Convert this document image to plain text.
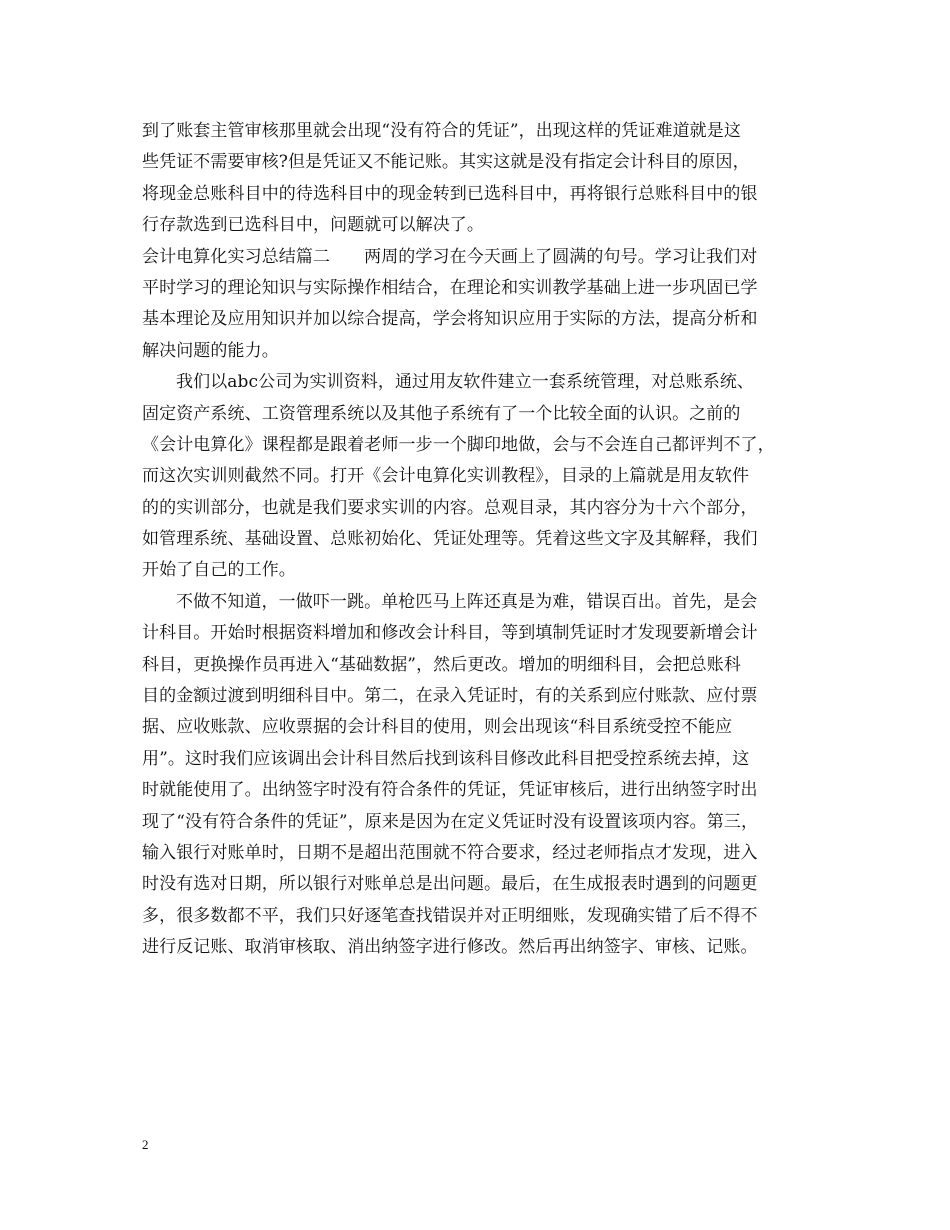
到了账套主管审核那里就会出现“没有符合的凭证”，出现这样的凭证难道就是这
些凭证不需要审核?但是凭证又不能记账。其实这就是没有指定会计科目的原因，
将现金总账科目中的待选科目中的现金转到已选科目中，再将银行总账科目中的银
行存款选到已选科目中，问题就可以解决了。
会计电算化实习总结篇二 两周的学习在今天画上了圆满的句号。学习让我们对
平时学习的理论知识与实际操作相结合，在理论和实训教学基础上进一步巩固已学
基本理论及应用知识并加以综合提高，学会将知识应用于实际的方法，提高分析和
解决问题的能力。
我们以abc公司为实训资料，通过用友软件建立一套系统管理，对总账系统、
固定资产系统、工资管理系统以及其他子系统有了一个比较全面的认识。之前的
《会计电算化》课程都是跟着老师一步一个脚印地做，会与不会连自己都评判不了，
而这次实训则截然不同。打开《会计电算化实训教程》，目录的上篇就是用友软件
的的实训部分，也就是我们要求实训的内容。总观目录，其内容分为十六个部分，
如管理系统、基础设置、总账初始化、凭证处理等。凭着这些文字及其解释，我们
开始了自己的工作。
不做不知道，一做吓一跳。单枪匹马上阵还真是为难，错误百出。首先，是会
计科目。开始时根据资料增加和修改会计科目，等到填制凭证时才发现要新增会计
科目，更换操作员再进入“基础数据”，然后更改。增加的明细科目，会把总账科
目的金额过渡到明细科目中。第二，在录入凭证时，有的关系到应付账款、应付票
据、应收账款、应收票据的会计科目的使用，则会出现该“科目系统受控不能应
用”。这时我们应该调出会计科目然后找到该科目修改此科目把受控系统去掉，这
时就能使用了。出纳签字时没有符合条件的凭证，凭证审核后，进行出纳签字时出
现了“没有符合条件的凭证”，原来是因为在定义凭证时没有设置该项内容。第三，
输入银行对账单时，日期不是超出范围就不符合要求，经过老师指点才发现，进入
时没有选对日期，所以银行对账单总是出问题。最后，在生成报表时遇到的问题更
多，很多数都不平，我们只好逐笔查找错误并对正明细账，发现确实错了后不得不
进行反记账、取消审核取、消出纳签字进行修改。然后再出纳签字、审核、记账。
2
